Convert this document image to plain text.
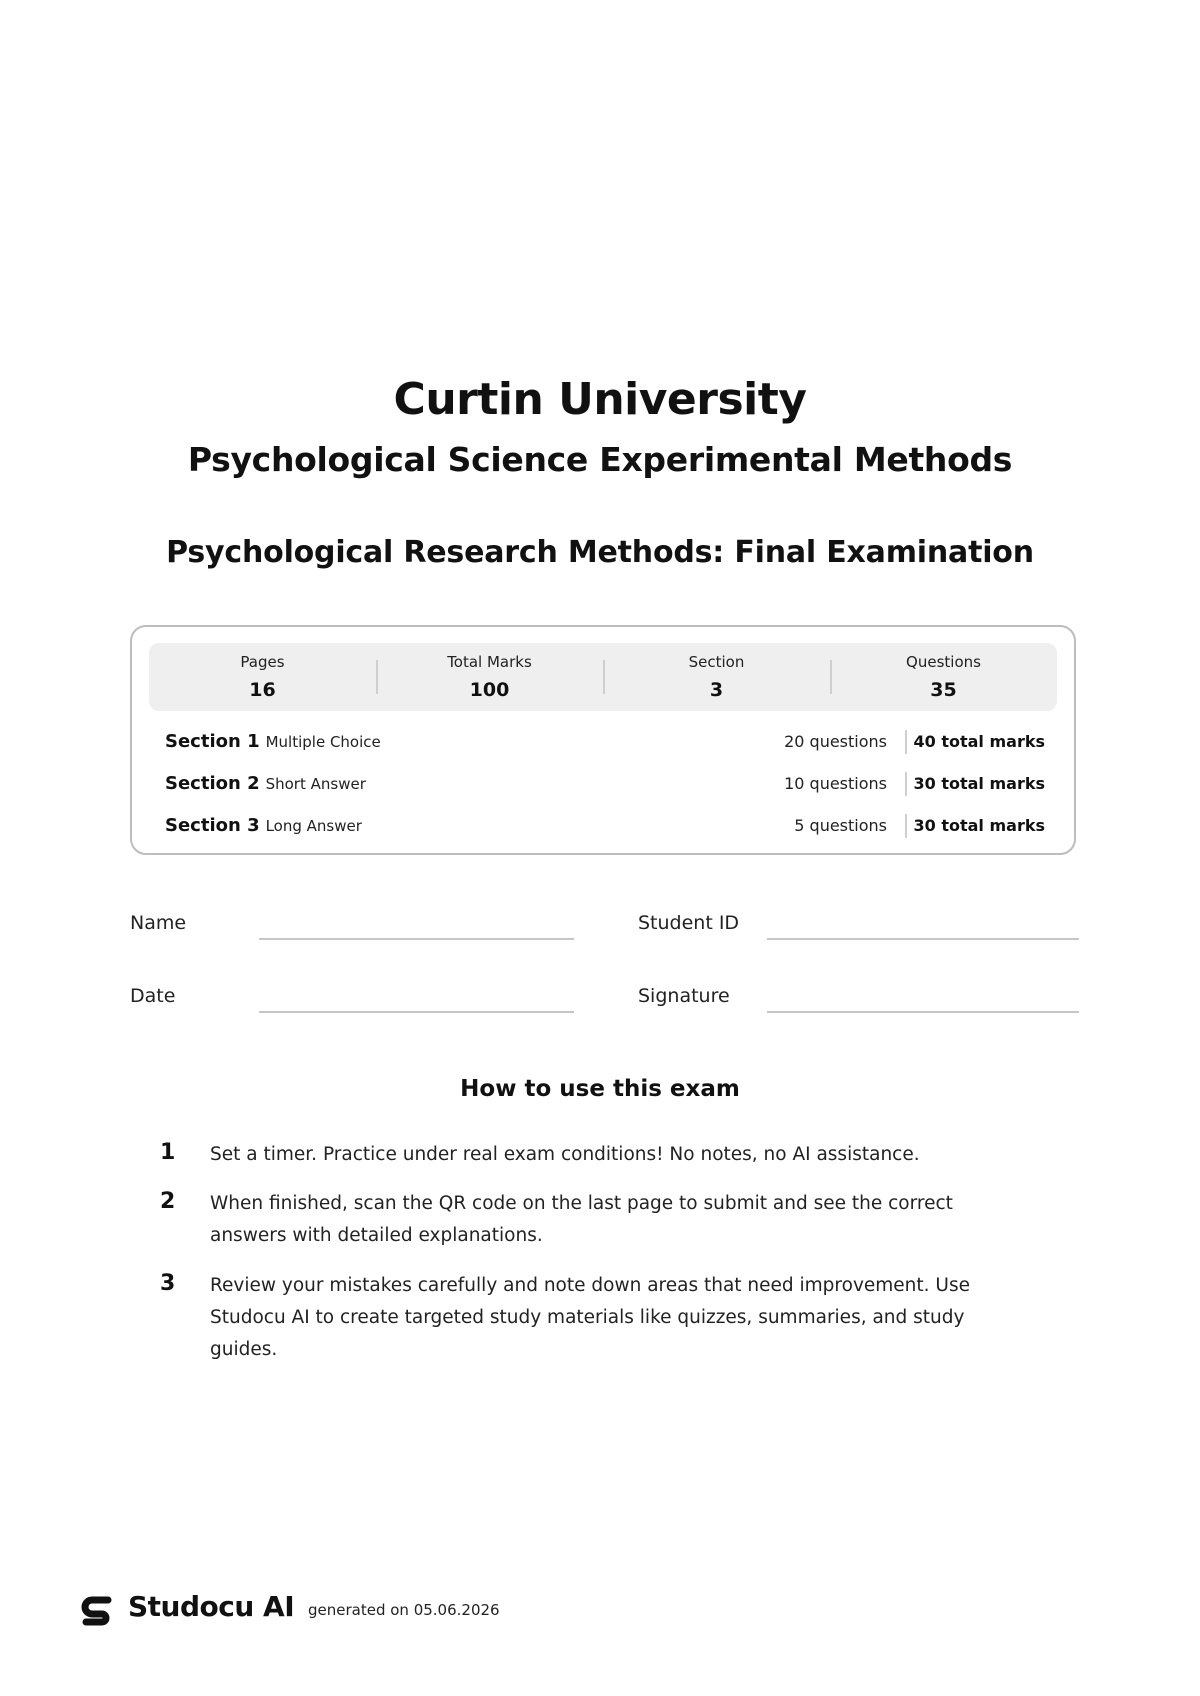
Curtin University
Psychological Science Experimental Methods
Psychological Research Methods: Final Examination
Pages
16
Total Marks
100
Section
3
Questions
35
Section 1 Multiple Choice	20 questions 40 total marks
Section 2 Short Answer	10 questions 30 total marks
Section 3 Long Answer	5 questions 30 total marks
Name	Student ID
Date	Signature
How to use this exam
1	Set a timer. Practice under real exam conditions! No notes, no AI assistance.
2	When finished, scan the QR code on the last page to submit and see the correct answers with detailed explanations.
3	Review your mistakes carefully and note down areas that need improvement. Use Studocu AI to create targeted study materials like quizzes, summaries, and study guides.
Studocu AI generated on 05.06.2026
